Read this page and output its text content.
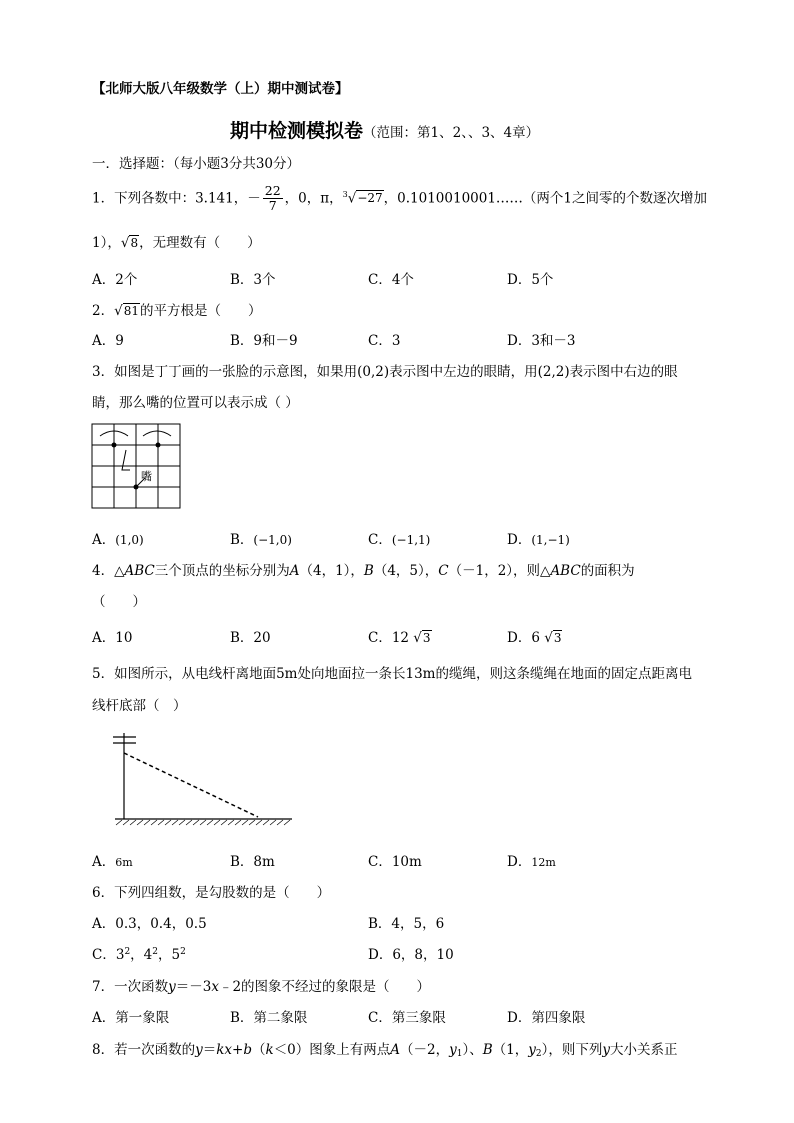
【北师大版八年级数学（上）期中测试卷】
期中检测模拟卷（范围：第1、2、、3、4章）
一．选择题：（每小题3分共30分）
1．下列各数中：3.141，－ $\frac{22}{7}$ ，0，π，$^3$√−27，0.1010010001……（两个1之间零的个数逐次增加
1），√8，无理数有（　　）
A．2个	B．3个	C．4个	D．5个
2．√81的平方根是（　　）
A．9	B．9和－9	C．3	D．3和－3
3．如图是丁丁画的一张脸的示意图，如果用(0,2)表示图中左边的眼睛，用(2,2)表示图中右边的眼
睛，那么嘴的位置可以表示成（ ）
嘴
A．(1,0)	B．(−1,0)	C．(−1,1)	D．(1,−1)
4．△ABC三个顶点的坐标分别为A（4，1），B（4，5），C（－1，2），则△ABC的面积为
（　　）
A．10	B．20	C．12 √3	D．6 √3
5．如图所示，从电线杆离地面5m处向地面拉一条长13m的缆绳，则这条缆绳在地面的固定点距离电
线杆底部（　）
A．6m	B．8m	C．10m	D．12m
6．下列四组数，是勾股数的是（　　）
A．0.3，0.4，0.5	B．4，5，6
C．$3^2$，$4^2$，$5^2$	D．6，8，10
7．一次函数y＝－3x﹣2的图象不经过的象限是（　　）
A．第一象限	B．第二象限	C．第三象限	D．第四象限
8．若一次函数的y＝kx+b（k＜0）图象上有两点A（－2，$y_1$）、B（1，$y_2$），则下列y大小关系正
